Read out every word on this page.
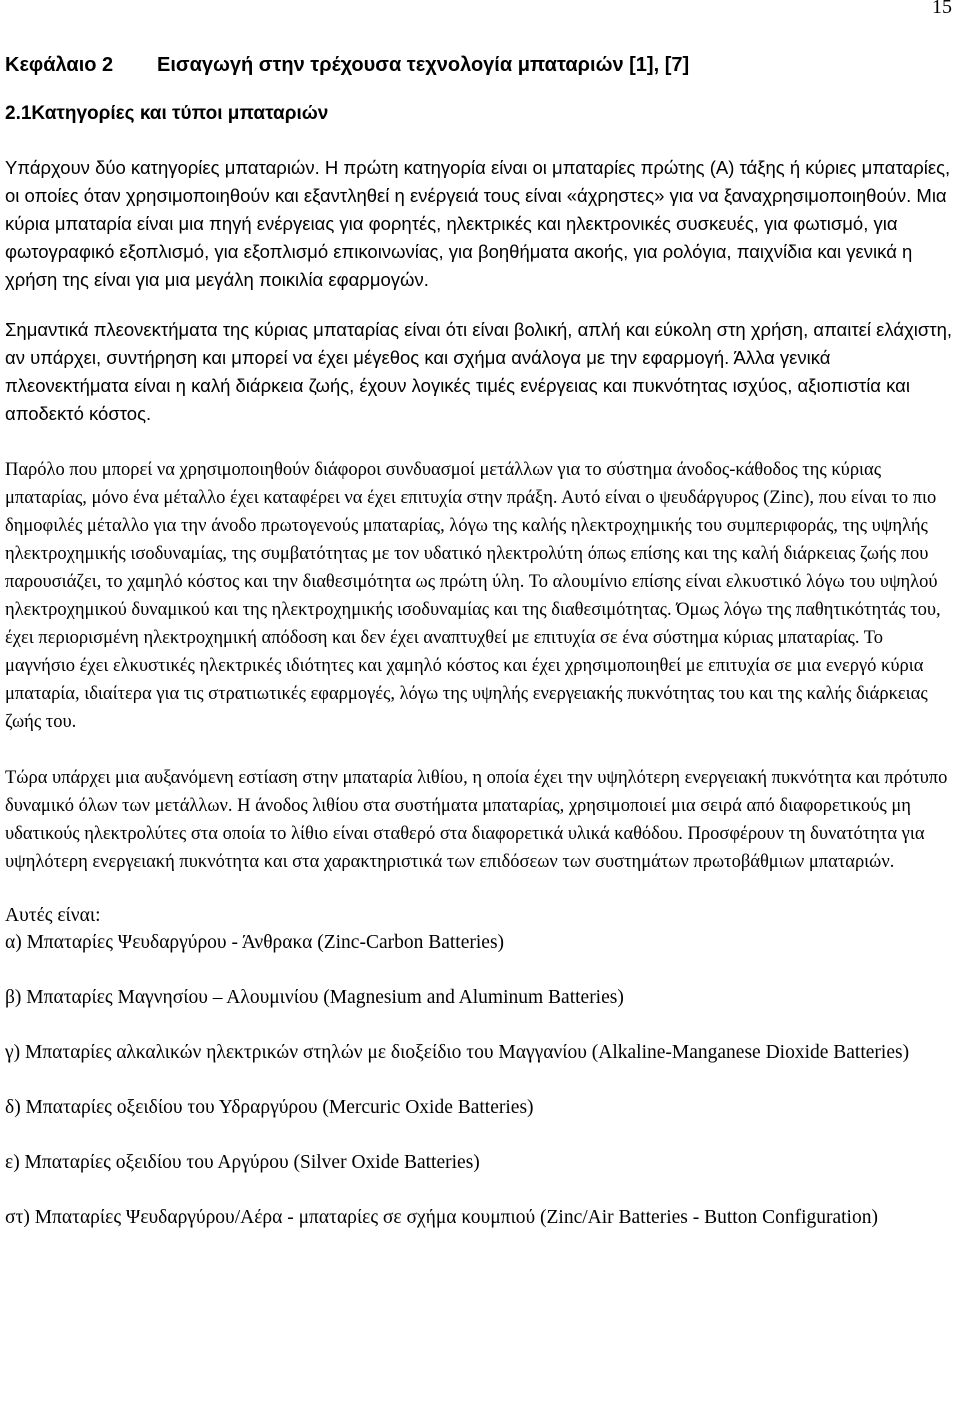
15
Κεφάλαιο 2 Εισαγωγή στην τρέχουσα τεχνολογία μπαταριών [1], [7]
2.1Κατηγορίες και τύποι μπαταριών

Υπάρχουν δύο κατηγορίες μπαταριών. Η πρώτη κατηγορία είναι οι μπαταρίες πρώτης (Α) τάξης ή κύριες μπαταρίες, οι οποίες όταν χρησιμοποιηθούν και εξαντληθεί η ενέργειά τους είναι «άχρηστες» για να ξαναχρησιμοποιηθούν. Μια κύρια μπαταρία είναι μια πηγή ενέργειας για φορητές, ηλεκτρικές και ηλεκτρονικές συσκευές, για φωτισμό, για φωτογραφικό εξοπλισμό, για εξοπλισμό επικοινωνίας, για βοηθήματα ακοής, για ρολόγια, παιχνίδια και γενικά η χρήση της είναι για μια μεγάλη ποικιλία εφαρμογών.

Σημαντικά πλεονεκτήματα της κύριας μπαταρίας είναι ότι είναι βολική, απλή και εύκολη στη χρήση, απαιτεί ελάχιστη, αν υπάρχει, συντήρηση και μπορεί να έχει μέγεθος και σχήμα ανάλογα με την εφαρμογή. Άλλα γενικά πλεονεκτήματα είναι η καλή διάρκεια ζωής, έχουν λογικές τιμές ενέργειας και πυκνότητας ισχύος, αξιοπιστία και αποδεκτό κόστος.

Παρόλο που μπορεί να χρησιμοποιηθούν διάφοροι συνδυασμοί μετάλλων για το σύστημα άνοδος-κάθοδος της κύριας μπαταρίας, μόνο ένα μέταλλο έχει καταφέρει να έχει επιτυχία στην πράξη. Αυτό είναι ο ψευδάργυρος (Zinc), που είναι το πιο δημοφιλές μέταλλο για την άνοδο πρωτογενούς μπαταρίας, λόγω της καλής ηλεκτροχημικής του συμπεριφοράς, της υψηλής ηλεκτροχημικής ισοδυναμίας, της συμβατότητας με τον υδατικό ηλεκτρολύτη όπως επίσης και της καλή διάρκειας ζωής που παρουσιάζει, το χαμηλό κόστος και την διαθεσιμότητα ως πρώτη ύλη. Το αλουμίνιο επίσης είναι ελκυστικό λόγω του υψηλού ηλεκτροχημικού δυναμικού και της ηλεκτροχημικής ισοδυναμίας και της διαθεσιμότητας. Όμως λόγω της παθητικότητάς του, έχει περιορισμένη ηλεκτροχημική απόδοση και δεν έχει αναπτυχθεί με επιτυχία σε ένα σύστημα κύριας μπαταρίας. Το μαγνήσιο έχει ελκυστικές ηλεκτρικές ιδιότητες και χαμηλό κόστος και έχει χρησιμοποιηθεί με επιτυχία σε μια ενεργό κύρια μπαταρία, ιδιαίτερα για τις στρατιωτικές εφαρμογές, λόγω της υψηλής ενεργειακής πυκνότητας του και της καλής διάρκειας ζωής του.

Τώρα υπάρχει μια αυξανόμενη εστίαση στην μπαταρία λιθίου, η οποία έχει την υψηλότερη ενεργειακή πυκνότητα και πρότυπο δυναμικό όλων των μετάλλων. Η άνοδος λιθίου στα συστήματα μπαταρίας, χρησιμοποιεί μια σειρά από διαφορετικούς μη υδατικούς ηλεκτρολύτες στα οποία το λίθιο είναι σταθερό στα διαφορετικά υλικά καθόδου. Προσφέρουν τη δυνατότητα για υψηλότερη ενεργειακή πυκνότητα και στα χαρακτηριστικά των επιδόσεων των συστημάτων πρωτοβάθμιων μπαταριών.

Αυτές είναι:

α) Μπαταρίες Ψευδαργύρου - Άνθρακα (Zinc-Carbon Batteries)

β) Μπαταρίες Μαγνησίου – Αλουμινίου (Magnesium and Aluminum Batteries)

γ) Μπαταρίες αλκαλικών ηλεκτρικών στηλών με διοξείδιο του Μαγγανίου (Alkaline-Manganese Dioxide Batteries)

δ) Μπαταρίες οξειδίου του Υδραργύρου (Mercuric Oxide Batteries)

ε) Μπαταρίες οξειδίου του Αργύρου (Silver Oxide Batteries)

στ) Μπαταρίες Ψευδαργύρου/Αέρα - μπαταρίες σε σχήμα κουμπιού (Zinc/Air Batteries - Button Configuration)
